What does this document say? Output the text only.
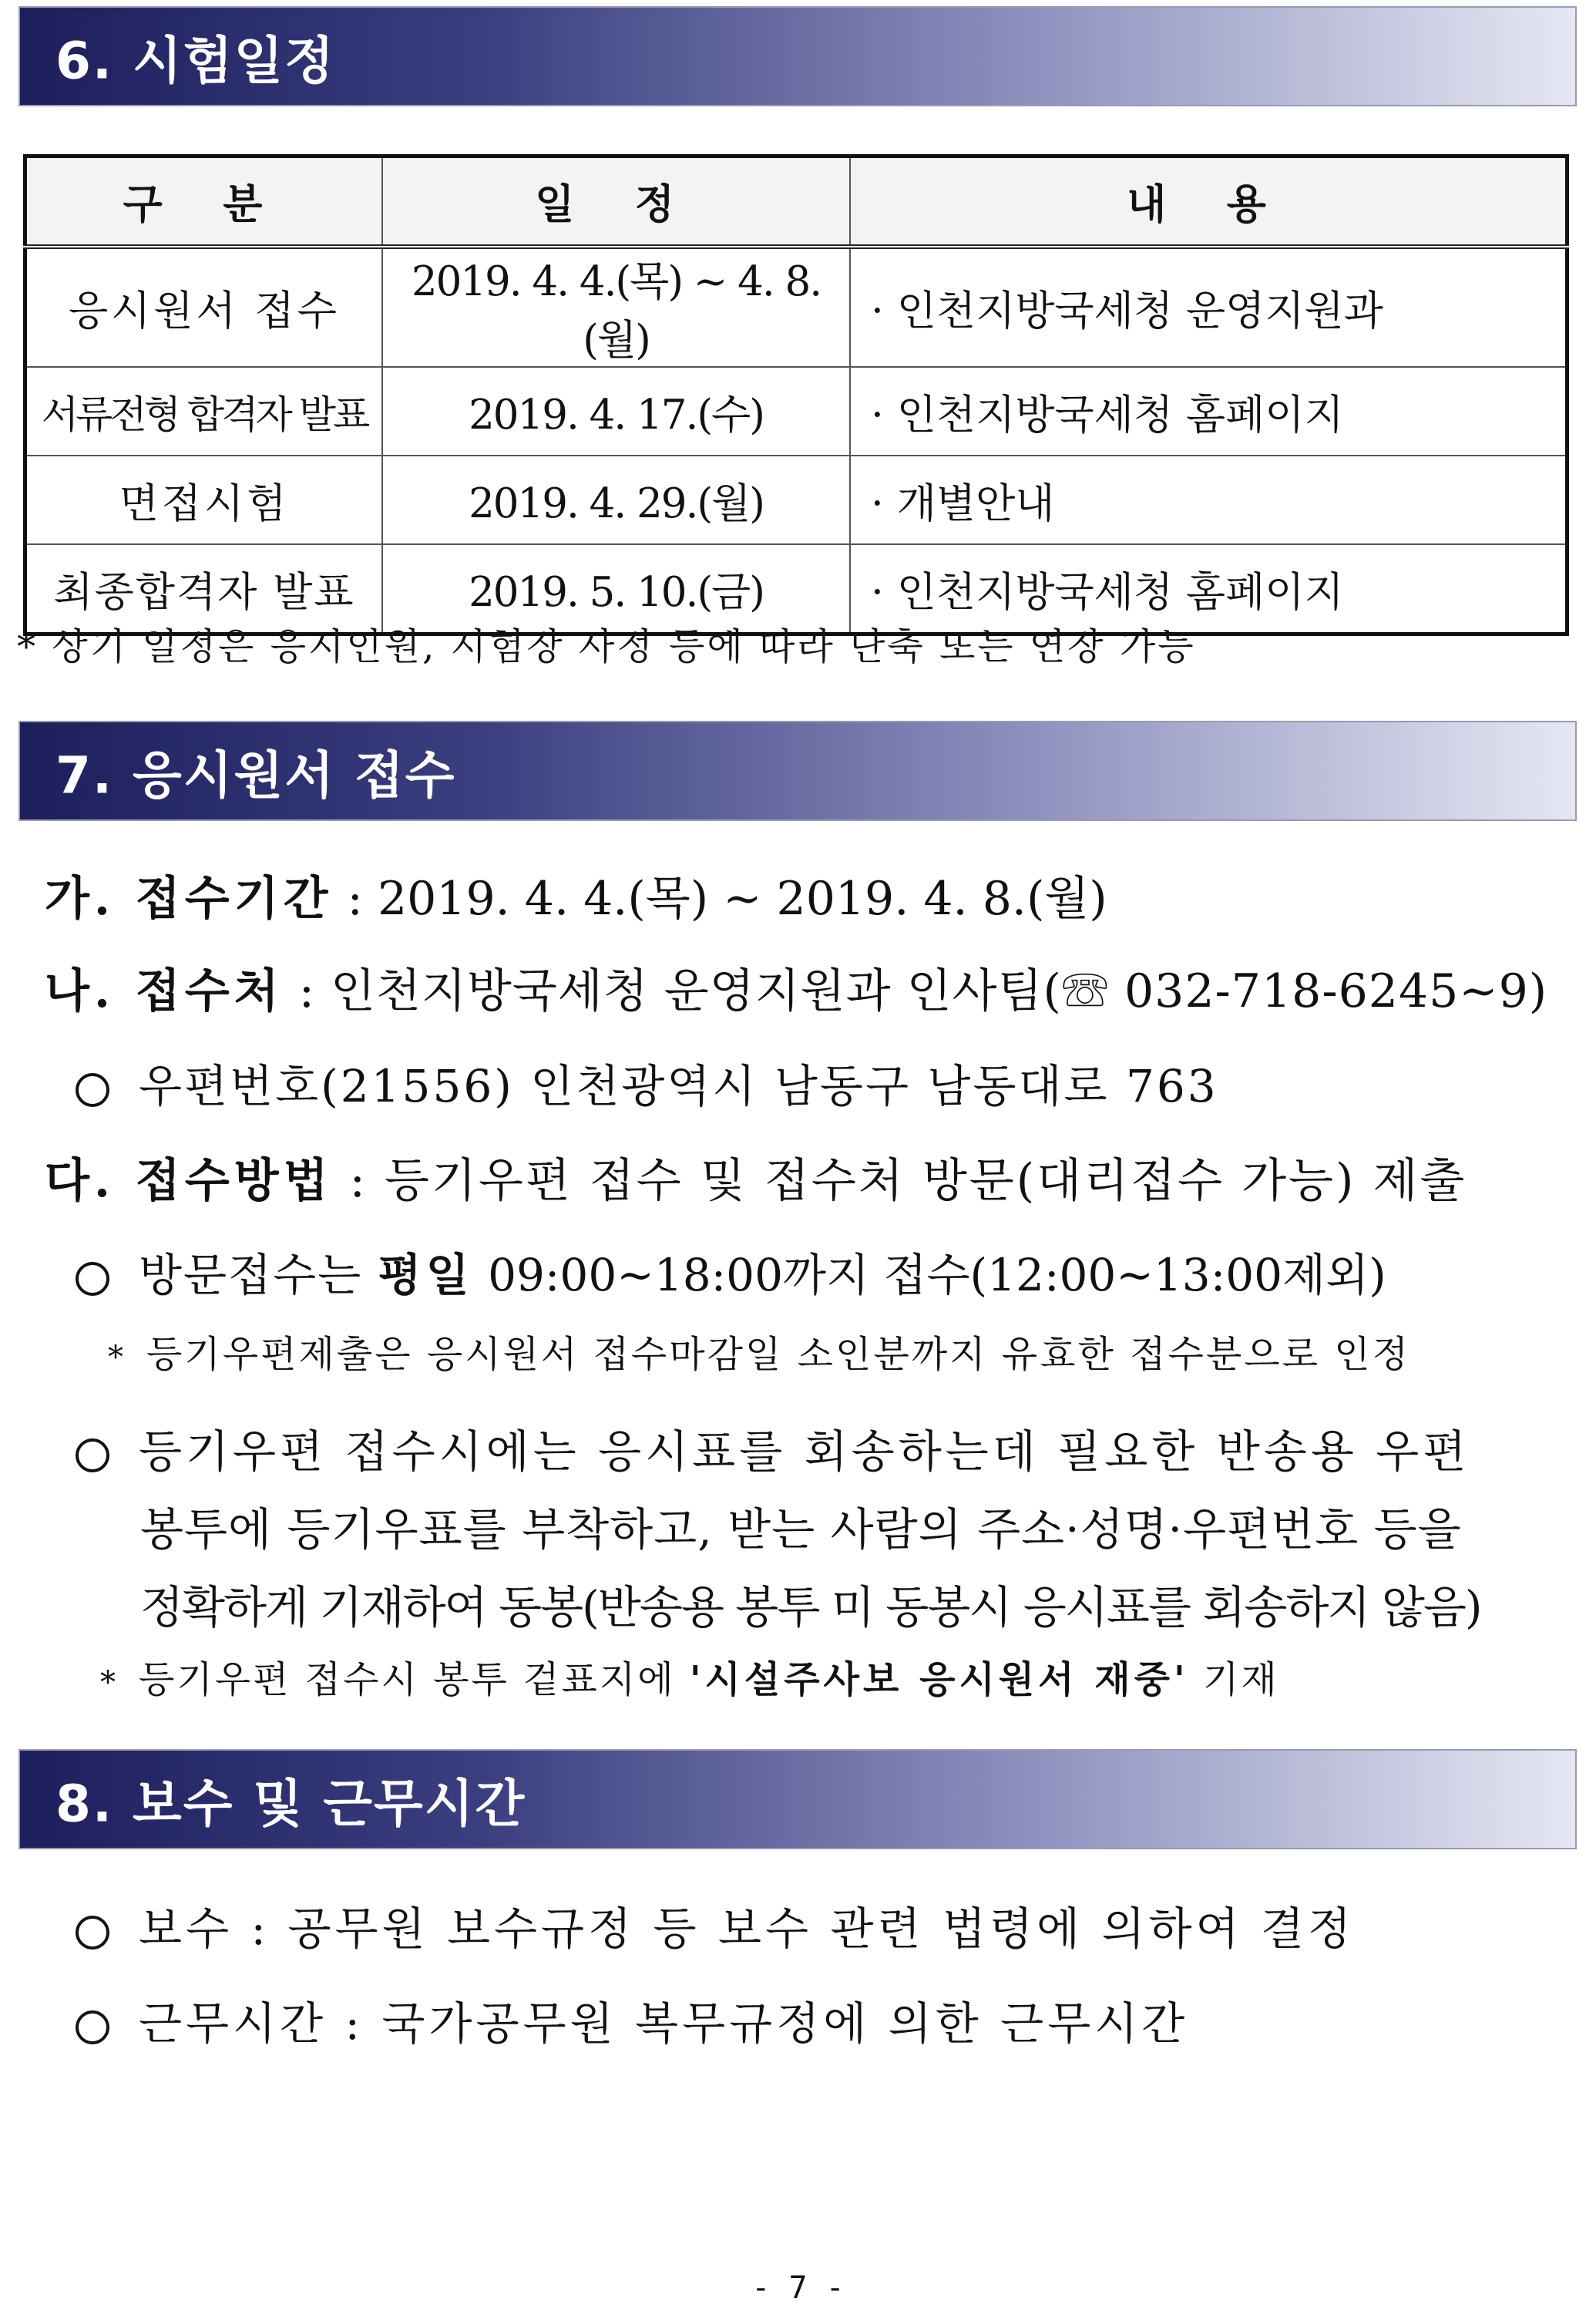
6. 시험일정
구 분	일 정	내 용
응시원서 접수	2019. 4. 4.(목) ~ 4. 8.(월)	· 인천지방국세청 운영지원과
서류전형 합격자 발표	2019. 4. 17.(수)	· 인천지방국세청 홈페이지
면접시험	2019. 4. 29.(월)	· 개별안내
최종합격자 발표	2019. 5. 10.(금)	· 인천지방국세청 홈페이지
* 상기 일정은 응시인원, 시험장 사정 등에 따라 단축 또는 연장 가능
7. 응시원서 접수
가. 접수기간 : 2019. 4. 4.(목) ~ 2019. 4. 8.(월)
나. 접수처 : 인천지방국세청 운영지원과 인사팀(☏ 032-718-6245~9)
우편번호(21556) 인천광역시 남동구 남동대로 763
다. 접수방법 : 등기우편 접수 및 접수처 방문(대리접수 가능) 제출
방문접수는 평일 09:00~18:00까지 접수(12:00~13:00제외)
* 등기우편제출은 응시원서 접수마감일 소인분까지 유효한 접수분으로 인정
등기우편 접수시에는 응시표를 회송하는데 필요한 반송용 우편
봉투에 등기우표를 부착하고, 받는 사람의 주소·성명·우편번호 등을
정확하게 기재하여 동봉(반송용 봉투 미 동봉시 응시표를 회송하지 않음)
* 등기우편 접수시 봉투 겉표지에 '시설주사보 응시원서 재중' 기재
8. 보수 및 근무시간
보수 : 공무원 보수규정 등 보수 관련 법령에 의하여 결정
근무시간 : 국가공무원 복무규정에 의한 근무시간
- 7 -
